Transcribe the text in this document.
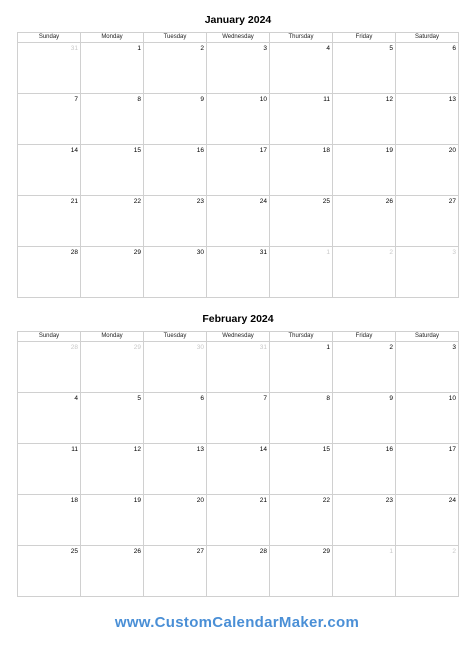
January 2024
Sunday	Monday	Tuesday	Wednesday	Thursday	Friday	Saturday

31	1	2	3	4	5	6

7	8	9	10	11	12	13

14	15	16	17	18	19	20

21	22	23	24	25	26	27

28	29	30	31	1	2	3
February 2024
Sunday	Monday	Tuesday	Wednesday	Thursday	Friday	Saturday

28	29	30	31	1	2	3

4	5	6	7	8	9	10

11	12	13	14	15	16	17

18	19	20	21	22	23	24

25	26	27	28	29	1	2
www.CustomCalendarMaker.com
